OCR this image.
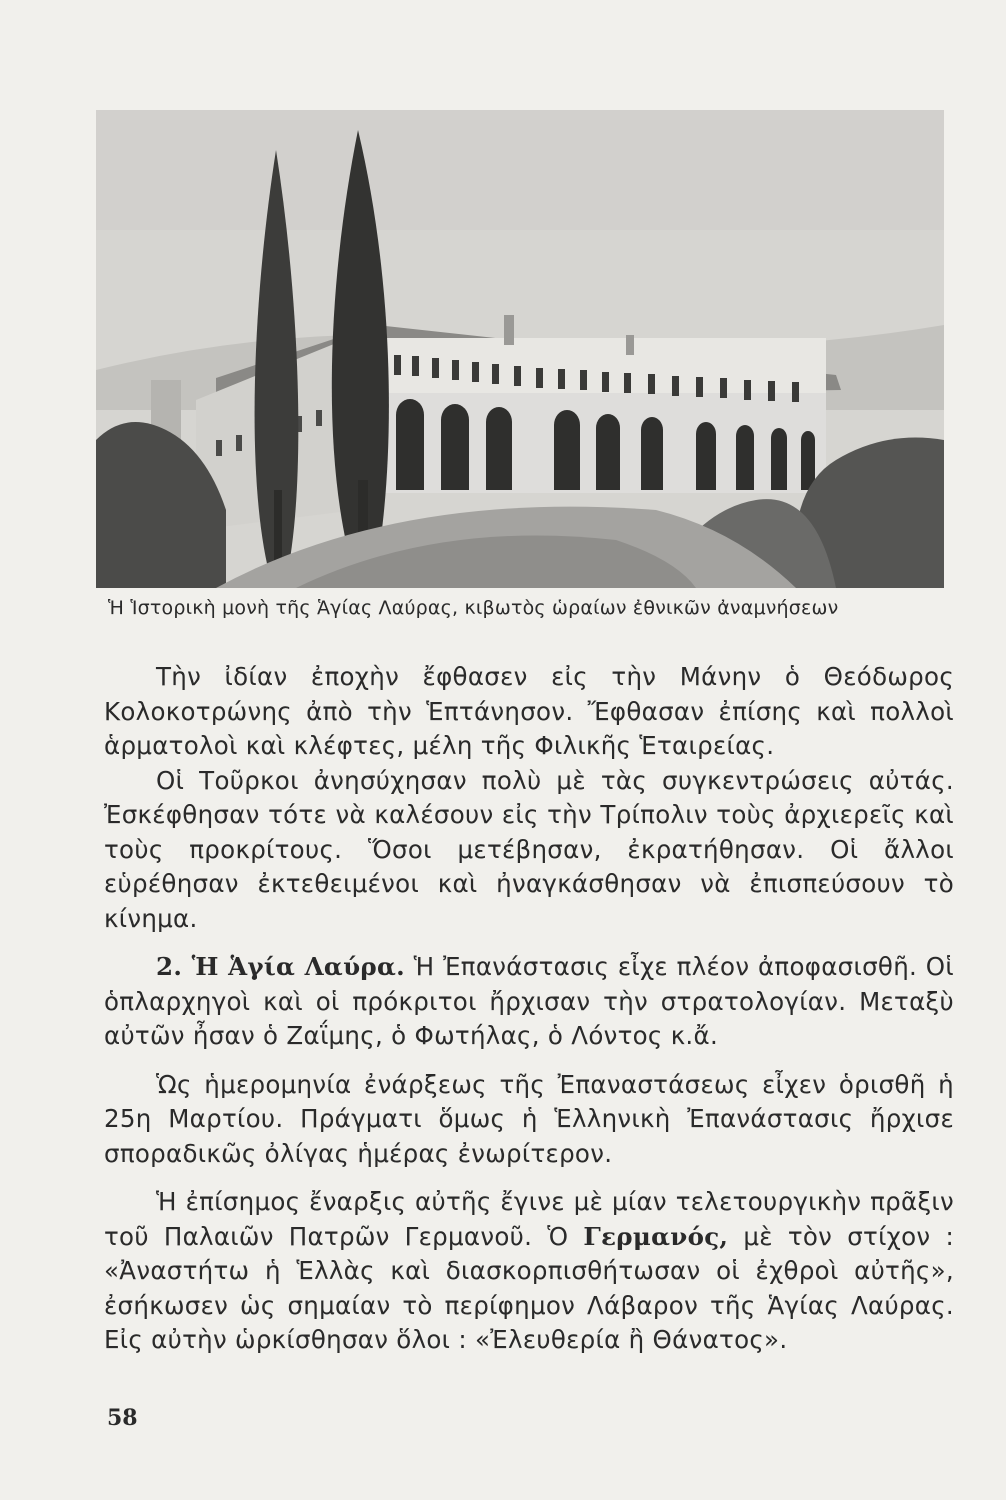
Ἡ Ἱστορικὴ μονὴ τῆς Ἁγίας Λαύρας, κιβωτὸς ὡραίων ἐθνικῶν ἀναμνήσεων

Τὴν ἰδίαν ἐποχὴν ἔφθασεν εἰς τὴν Μάνην ὁ Θεόδωρος Κολοκοτρώνης ἀπὸ τὴν Ἑπτάνησον. Ἔφθασαν ἐπίσης καὶ πολλοὶ ἁρματολοὶ καὶ κλέφτες, μέλη τῆς Φιλικῆς Ἑταιρείας.

Οἱ Τοῦρκοι ἀνησύχησαν πολὺ μὲ τὰς συγκεντρώσεις αὐτάς. Ἐσκέφθησαν τότε νὰ καλέσουν εἰς τὴν Τρίπολιν τοὺς ἀρχιερεῖς καὶ τοὺς προκρίτους. Ὅσοι μετέβησαν, ἐκρατήθησαν. Οἱ ἄλλοι εὑρέθησαν ἐκτεθειμένοι καὶ ἠναγκάσθησαν νὰ ἐπισπεύσουν τὸ κίνημα.

2. Ἡ Ἁγία Λαύρα. Ἡ Ἐπανάστασις εἶχε πλέον ἀποφασισθῆ. Οἱ ὁπλαρχηγοὶ καὶ οἱ πρόκριτοι ἤρχισαν τὴν στρατολογίαν. Μεταξὺ αὐτῶν ἦσαν ὁ Ζαΐμης, ὁ Φωτήλας, ὁ Λόντος κ.ἄ.

Ὡς ἡμερομηνία ἐνάρξεως τῆς Ἐπαναστάσεως εἶχεν ὁρισθῆ ἡ 25η Μαρτίου. Πράγματι ὅμως ἡ Ἑλληνικὴ Ἐπανάστασις ἤρχισε σποραδικῶς ὀλίγας ἡμέρας ἐνωρίτερον.

Ἡ ἐπίσημος ἔναρξις αὐτῆς ἔγινε μὲ μίαν τελετουργικὴν πρᾶξιν τοῦ Παλαιῶν Πατρῶν Γερμανοῦ. Ὁ Γερμανός, μὲ τὸν στίχον : «Ἀναστήτω ἡ Ἑλλὰς καὶ διασκορπισθήτωσαν οἱ ἐχθροὶ αὐτῆς», ἐσήκωσεν ὡς σημαίαν τὸ περίφημον Λάβαρον τῆς Ἁγίας Λαύρας. Εἰς αὐτὴν ὡρκίσθησαν ὅλοι : «Ἐλευθερία ἢ Θάνατος».

58
